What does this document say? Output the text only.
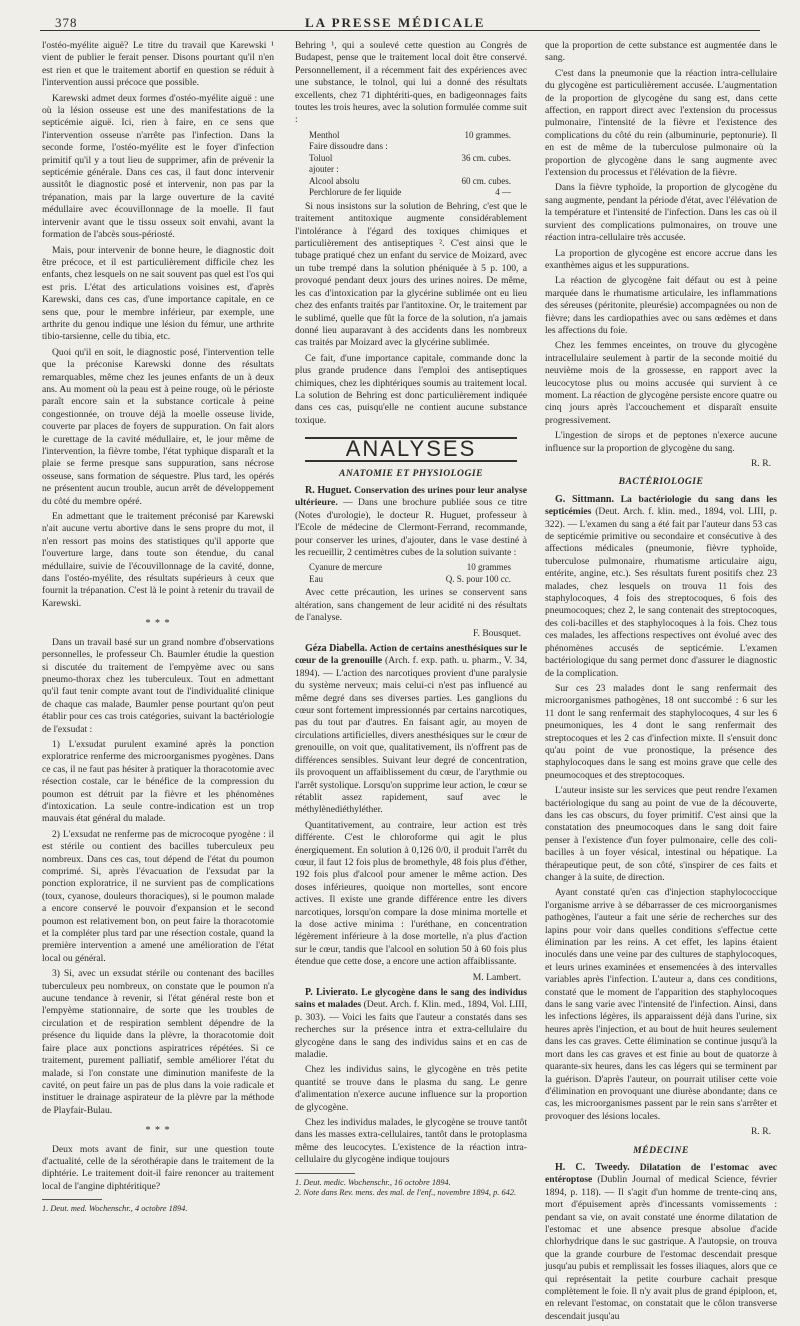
378	LA PRESSE MÉDICALE

l'ostéo-myélite aiguë? Le titre du travail que Karewski ¹ vient de publier le ferait penser. Disons pourtant qu'il n'en est rien et que le traitement abortif en question se réduit à l'intervention aussi précoce que possible.

Karewski admet deux formes d'ostéo-myélite aiguë : une où la lésion osseuse est une des manifestations de la septicémie aiguë. Ici, rien à faire, en ce sens que l'intervention osseuse n'arrête pas l'infection. Dans la seconde forme, l'ostéo-myélite est le foyer d'infection primitif qu'il y a tout lieu de supprimer, afin de prévenir la septicémie générale. Dans ces cas, il faut donc intervenir aussitôt le diagnostic posé et intervenir, non pas par la trépanation, mais par la large ouverture de la cavité médullaire avec écouvillonnage de la moelle. Il faut intervenir avant que le tissu osseux soit envahi, avant la formation de l'abcès sous-périosté.

Mais, pour intervenir de bonne heure, le diagnostic doit être précoce, et il est particulièrement difficile chez les enfants, chez lesquels on ne sait souvent pas quel est l'os qui est pris. L'état des articulations voisines est, d'après Karewski, dans ces cas, d'une importance capitale, en ce sens que, pour le membre inférieur, par exemple, une arthrite du genou indique une lésion du fémur, une arthrite tibio-tarsienne, celle du tibia, etc.

Quoi qu'il en soit, le diagnostic posé, l'intervention telle que la préconise Karewski donne des résultats remarquables, même chez les jeunes enfants de un à deux ans. Au moment où la peau est à peine rouge, où le périoste paraît encore sain et la substance corticale à peine congestionnée, on trouve déjà la moelle osseuse livide, couverte par places de foyers de suppuration. On fait alors le curettage de la cavité médullaire, et, le jour même de l'intervention, la fièvre tombe, l'état typhique disparaît et la plaie se ferme presque sans suppuration, sans nécrose osseuse, sans formation de séquestre. Plus tard, les opérés ne présentent aucun trouble, aucun arrêt de développement du côté du membre opéré.

En admettant que le traitement préconisé par Karewski n'ait aucune vertu abortive dans le sens propre du mot, il n'en ressort pas moins des statistiques qu'il apporte que l'ouverture large, dans toute son étendue, du canal médullaire, suivie de l'écouvillonnage de la cavité, donne, dans l'ostéo-myélite, des résultats supérieurs à ceux que fournit la trépanation. C'est là le point à retenir du travail de Karewski.

* * *

Dans un travail basé sur un grand nombre d'observations personnelles, le professeur Ch. Baumler étudie la question si discutée du traitement de l'empyème avec ou sans pneumo-thorax chez les tuberculeux. Tout en admettant qu'il faut tenir compte avant tout de l'individualité clinique de chaque cas malade, Baumler pense pourtant qu'on peut établir pour ces cas trois catégories, suivant la bactériologie de l'exsudat :

1) L'exsudat purulent examiné après la ponction exploratrice renferme des microorganismes pyogènes. Dans ce cas, il ne faut pas hésiter à pratiquer la thoracotomie avec résection costale, car le bénéfice de la compression du poumon est détruit par la fièvre et les phénomènes d'intoxication. La seule contre-indication est un trop mauvais état général du malade.

2) L'exsudat ne renferme pas de microcoque pyogène : il est stérile ou contient des bacilles tuberculeux peu nombreux. Dans ces cas, tout dépend de l'état du poumon comprimé. Si, après l'évacuation de l'exsudat par la ponction exploratrice, il ne survient pas de complications (toux, cyanose, douleurs thoraciques), si le poumon malade a encore conservé le pouvoir d'expansion et le second poumon est relativement bon, on peut faire la thoracotomie et la compléter plus tard par une résection costale, quand la première intervention a amené une amélioration de l'état local ou général.

3) Si, avec un exsudat stérile ou contenant des bacilles tuberculeux peu nombreux, on constate que le poumon n'a aucune tendance à revenir, si l'état général reste bon et l'empyème stationnaire, de sorte que les troubles de circulation et de respiration semblent dépendre de la présence du liquide dans la plèvre, la thoracotomie doit faire place aux ponctions aspiratrices répétées. Si ce traitement, purement palliatif, semble améliorer l'état du malade, si l'on constate une diminution manifeste de la cavité, on peut faire un pas de plus dans la voie radicale et instituer le drainage aspirateur de la plèvre par la méthode de Playfair-Bulau.

* * *

Deux mots avant de finir, sur une question toute d'actualité, celle de la sérothérapie dans le traitement de la diphtérie. Le traitement doit-il faire renoncer au traitement local de l'angine diphtéritique?

1. Deut. med. Wochenschr., 4 octobre 1894.

Behring ¹, qui a soulevé cette question au Congrès de Budapest, pense que le traitement local doit être conservé. Personnellement, il a récemment fait des expériences avec une substance, le tolnol, qui lui a donné des résultats excellents, chez 71 diphtériti-ques, en badigeonnages faits toutes les trois heures, avec la solution formulée comme suit :

Menthol	10 grammes.
Faire dissoudre dans :
Toluol	36 cm. cubes.
ajouter :
Alcool absolu	60 cm. cubes.
Perchlorure de fer liquide	4 —

Si nous insistons sur la solution de Behring, c'est que le traitement antitoxique augmente considérablement l'intolérance à l'égard des toxiques chimiques et particulièrement des antiseptiques ². C'est ainsi que le tubage pratiqué chez un enfant du service de Moizard, avec un tube trempé dans la solution phéniquée à 5 p. 100, a provoqué pendant deux jours des urines noires. De même, les cas d'intoxication par la glycérine sublimée ont eu lieu chez des enfants traités par l'antitoxine. Or, le traitement par le sublimé, quelle que fût la force de la solution, n'a jamais donné lieu auparavant à des accidents dans les nombreux cas traités par Moizard avec la glycérine sublimée.

Ce fait, d'une importance capitale, commande donc la plus grande prudence dans l'emploi des antiseptiques chimiques, chez les diphtériques soumis au traitement local. La solution de Behring est donc particulièrement indiquée dans ces cas, puisqu'elle ne contient aucune substance toxique.

ANALYSES
ANATOMIE ET PHYSIOLOGIE

R. Huguet. Conservation des urines pour leur analyse ultérieure. — Dans une brochure publiée sous ce titre (Notes d'urologie), le docteur R. Huguet, professeur à l'Ecole de médecine de Clermont-Ferrand, recommande, pour conserver les urines, d'ajouter, dans le vase destiné à les recueillir, 2 centimètres cubes de la solution suivante :

Cyanure de mercure	10 grammes
Eau	Q. S. pour 100 cc.

Avec cette précaution, les urines se conservent sans altération, sans changement de leur acidité ni des résultats de l'analyse.

F. Bousquet.

Géza Diabella. Action de certains anesthésiques sur le cœur de la grenouille (Arch. f. exp. path. u. pharm., V. 34, 1894). — L'action des narcotiques provient d'une paralysie du système nerveux; mais celui-ci n'est pas influencé au même degré dans ses diverses parties. Les ganglions du cœur sont fortement impressionnés par certains narcotiques, pas du tout par d'autres. En faisant agir, au moyen de circulations artificielles, divers anesthésiques sur le cœur de grenouille, on voit que, qualitativement, ils n'offrent pas de différences sensibles. Suivant leur degré de concentration, ils provoquent un affaiblissement du cœur, de l'arythmie ou l'arrêt systolique. Lorsqu'on supprime leur action, le cœur se rétablit assez rapidement, sauf avec le méthylènediéthyléther.

Quantitativement, au contraire, leur action est très différente. C'est le chloroforme qui agit le plus énergiquement. En solution à 0,126 0/0, il produit l'arrêt du cœur, il faut 12 fois plus de bromethyle, 48 fois plus d'éther, 192 fois plus d'alcool pour amener le même action. Des doses inférieures, quoique non mortelles, sont encore actives. Il existe une grande différence entre les divers narcotiques, lorsqu'on compare la dose minima mortelle et la dose active minima : l'uréthane, en concentration légèrement inférieure à la dose mortelle, n'a plus d'action sur le cœur, tandis que l'alcool en solution 50 à 60 fois plus étendue que cette dose, a encore une action affaiblissante.

M. Lambert.

P. Livierato. Le glycogène dans le sang des individus sains et malades (Deut. Arch. f. Klin. med., 1894, Vol. LIII, p. 303). — Voici les faits que l'auteur a constatés dans ses recherches sur la présence intra et extra-cellulaire du glycogène dans le sang des individus sains et en cas de maladie.

Chez les individus sains, le glycogène en très petite quantité se trouve dans le plasma du sang. Le genre d'alimentation n'exerce aucune influence sur la proportion de glycogène.

Chez les individus malades, le glycogène se trouve tantôt dans les masses extra-cellulaires, tantôt dans le protoplasma même des leucocytes. L'existence de la réaction intra-cellulaire du glycogène indique toujours

1. Deut. medic. Wochenschr., 16 octobre 1894.
2. Note dans Rev. mens. des mal. de l'enf., novembre 1894, p. 642.

que la proportion de cette substance est augmentée dans le sang.

C'est dans la pneumonie que la réaction intra-cellulaire du glycogène est particulièrement accusée. L'augmentation de la proportion de glycogène du sang est, dans cette affection, en rapport direct avec l'extension du processus pulmonaire, l'intensité de la fièvre et l'existence des complications du côté du rein (albuminurie, peptonurie). Il en est de même de la tuberculose pulmonaire où la proportion de glycogène dans le sang augmente avec l'extension du processus et l'élévation de la fièvre.

Dans la fièvre typhoïde, la proportion de glycogène du sang augmente, pendant la période d'état, avec l'élévation de la température et l'intensité de l'infection. Dans les cas où il survient des complications pulmonaires, on trouve une réaction intra-cellulaire très accusée.

La proportion de glycogène est encore accrue dans les exanthèmes aigus et les suppurations.

La réaction de glycogène fait défaut ou est à peine marquée dans le rhumatisme articulaire, les inflammations des séreuses (péritonite, pleurésie) accompagnées ou non de fièvre; dans les cardiopathies avec ou sans œdèmes et dans les affections du foie.

Chez les femmes enceintes, on trouve du glycogène intracellulaire seulement à partir de la seconde moitié du neuvième mois de la grossesse, en rapport avec la leucocytose plus ou moins accusée qui survient à ce moment. La réaction de glycogène persiste encore quatre ou cinq jours après l'accouchement et disparaît ensuite progressivement.

L'ingestion de sirops et de peptones n'exerce aucune influence sur la proportion de glycogène du sang.

R. R.
BACTÉRIOLOGIE

G. Sittmann. La bactériologie du sang dans les septicémies (Deut. Arch. f. klin. med., 1894, vol. LIII, p. 322). — L'examen du sang a été fait par l'auteur dans 53 cas de septicémie primitive ou secondaire et consécutive à des affections médicales (pneumonie, fièvre typhoïde, tuberculose pulmonaire, rhumatisme articulaire aigu, entérite, angine, etc.). Ses résultats furent positifs chez 23 malades, chez lesquels on trouva 11 fois des staphylocoques, 4 fois des streptocoques, 6 fois des pneumocoques; chez 2, le sang contenait des streptocoques, des coli-bacilles et des staphylocoques à la fois. Chez tous ces malades, les affections respectives ont évolué avec des phénomènes accusés de septicémie. L'examen bactériologique du sang permet donc d'assurer le diagnostic de la complication.

Sur ces 23 malades dont le sang renfermait des microorganismes pathogènes, 18 ont succombé : 6 sur les 11 dont le sang renfermait des staphylocoques, 4 sur les 6 pneumoniques, les 4 dont le sang renfermait des streptocoques et les 2 cas d'infection mixte. Il s'ensuit donc qu'au point de vue pronostique, la présence des staphylocoques dans le sang est moins grave que celle des pneumocoques et des streptocoques.

L'auteur insiste sur les services que peut rendre l'examen bactériologique du sang au point de vue de la découverte, dans les cas obscurs, du foyer primitif. C'est ainsi que la constatation des pneumocoques dans le sang doit faire penser à l'existence d'un foyer pulmonaire, celle des coli-bacilles à un foyer vésical, intestinal ou hépatique. La thérapeutique peut, de son côté, s'inspirer de ces faits et changer à la suite, de direction.

Ayant constaté qu'en cas d'injection staphylococcique l'organisme arrive à se débarrasser de ces microorganismes pathogènes, l'auteur a fait une série de recherches sur des lapins pour voir dans quelles conditions s'effectue cette élimination par les reins. A cet effet, les lapins étaient inoculés dans une veine par des cultures de staphylocoques, et leurs urines examinées et ensemencées à des intervalles variables après l'infection. L'auteur a, dans ces conditions, constaté que le moment de l'apparition des staphylocoques dans le sang varie avec l'intensité de l'infection. Ainsi, dans les infections légères, ils apparaissent déjà dans l'urine, six heures après l'injection, et au bout de huit heures seulement dans les cas graves. Cette élimination se continue jusqu'à la mort dans les cas graves et est finie au bout de quatorze à quarante-six heures, dans les cas légers qui se terminent par la guérison. D'après l'auteur, on pourrait utiliser cette voie d'élimination en provoquant une diurèse abondante; dans ce cas, les microorganismes passent par le rein sans s'arrêter et provoquer des lésions locales.

R. R.
MÉDECINE

H. C. Tweedy. Dilatation de l'estomac avec entéroptose (Dublin Journal of medical Science, février 1894, p. 118). — Il s'agit d'un homme de trente-cinq ans, mort d'épuisement après d'incessants vomissements : pendant sa vie, on avait constaté une énorme dilatation de l'estomac et une absence presque absolue d'acide chlorhydrique dans le suc gastrique. A l'autopsie, on trouva que la grande courbure de l'estomac descendait presque jusqu'au pubis et remplissait les fosses iliaques, alors que ce qui représentait la petite courbure cachait presque complètement le foie. Il n'y avait plus de grand épiploon, et, en relevant l'estomac, on constatait que le côlon transverse descendait jusqu'au
